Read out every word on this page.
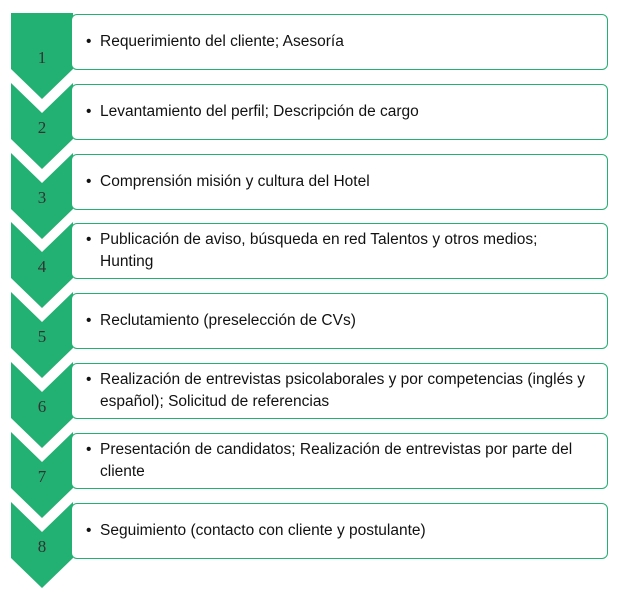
1
• Requerimiento del cliente; Asesoría
2
• Levantamiento del perfil; Descripción de cargo
3
• Comprensión misión y cultura del Hotel
4
• Publicación de aviso, búsqueda en red Talentos y otros medios; Hunting
5
• Reclutamiento (preselección de CVs)
6
• Realización de entrevistas psicolaborales y por competencias (inglés y español); Solicitud de referencias
7
• Presentación de candidatos; Realización de entrevistas por parte del cliente
8
• Seguimiento (contacto con cliente y postulante)
